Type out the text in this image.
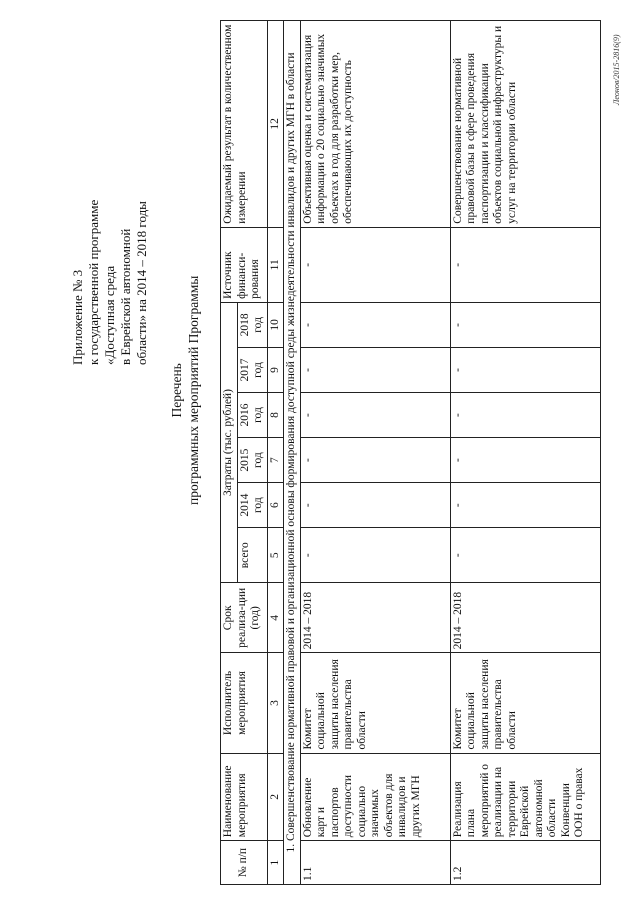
Приложение № 3 к государственной программе «Доступная среда в Еврейской автономной области» на 2014 – 2018 годы
Перечень программных мероприятий Программы
№ п/п	Наименование мероприятия	Исполнитель мероприятия	Срок реализа-ции (год)	Затраты (тыс. рублей)						Источник финанси-рования	Ожидаемый результат в количественном измерении
				всего	2014 год	2015 год	2016 год	2017 год	2018 год		
1	2	3	4	5	6	7	8	9	10	11	12
1. Совершенствование нормативной правовой и организационной основы формирования доступной среды жизнедеятельности инвалидов и других МГН в области											
1.1	Обновление карт и паспортов доступности социально значимых объектов для инвалидов и других МГН	Комитет социальной защиты населения правительства области	2014 – 2018	-	-	-	-	-	-	-	Объективная оценка и систематизация информации о 20 социально значимых объектах в год для разработки мер, обеспечивающих их доступность
1.2	Реализация плана мероприятий о реализации на территории Еврейской автономной области Конвенции ООН о правах	Комитет социальной защиты населения правительства области	2014 – 2018	-	-	-	-	-	-	-	Совершенствование нормативной правовой базы в сфере проведения паспортизации и классификации объектов социальной инфраструктуры и услуг на территории области
Леонов/2015-2816(9)
